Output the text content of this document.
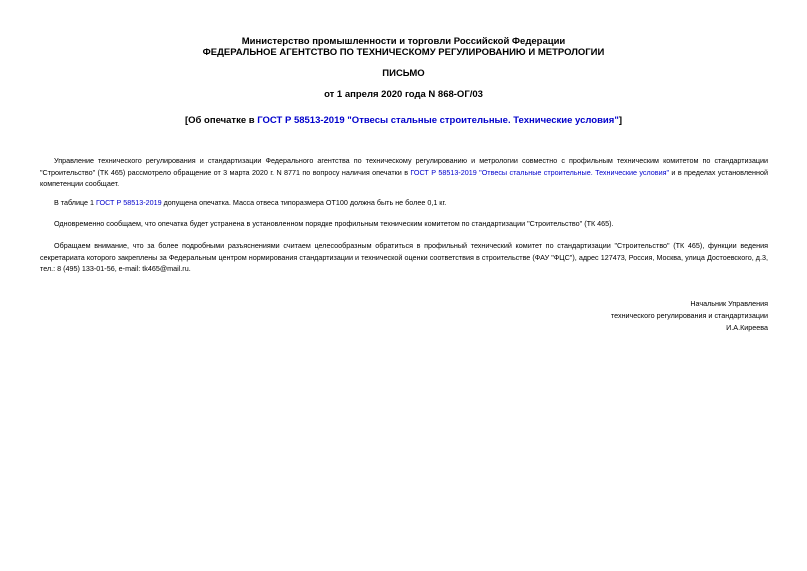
Министерство промышленности и торговли Российской Федерации
ФЕДЕРАЛЬНОЕ АГЕНТСТВО ПО ТЕХНИЧЕСКОМУ РЕГУЛИРОВАНИЮ И МЕТРОЛОГИИ
ПИСЬМО
от 1 апреля 2020 года N 868-ОГ/03
[Об опечатке в ГОСТ Р 58513-2019 "Отвесы стальные строительные. Технические условия"]

Управление технического регулирования и стандартизации Федерального агентства по техническому регулированию и метрологии совместно с профильным техническим комитетом по стандартизации "Строительство" (ТК 465) рассмотрело обращение от 3 марта 2020 г. N 8771 по вопросу наличия опечатки в ГОСТ Р 58513-2019 "Отвесы стальные строительные. Технические условия" и в пределах установленной компетенции сообщает.

В таблице 1 ГОСТ Р 58513-2019 допущена опечатка. Масса отвеса типоразмера ОТ100 должна быть не более 0,1 кг.

Одновременно сообщаем, что опечатка будет устранена в установленном порядке профильным техническим комитетом по стандартизации "Строительство" (ТК 465).

Обращаем внимание, что за более подробными разъяснениями считаем целесообразным обратиться в профильный технический комитет по стандартизации "Строительство" (ТК 465), функции ведения секретариата которого закреплены за Федеральным центром нормирования стандартизации и технической оценки соответствия в строительстве (ФАУ "ФЦС"), адрес 127473, Россия, Москва, улица Достоевского, д.3, тел.: 8 (495) 133-01-56, e-mail: tk465@mail.ru.

Начальник Управления
технического регулирования и стандартизации
И.А.Киреева
